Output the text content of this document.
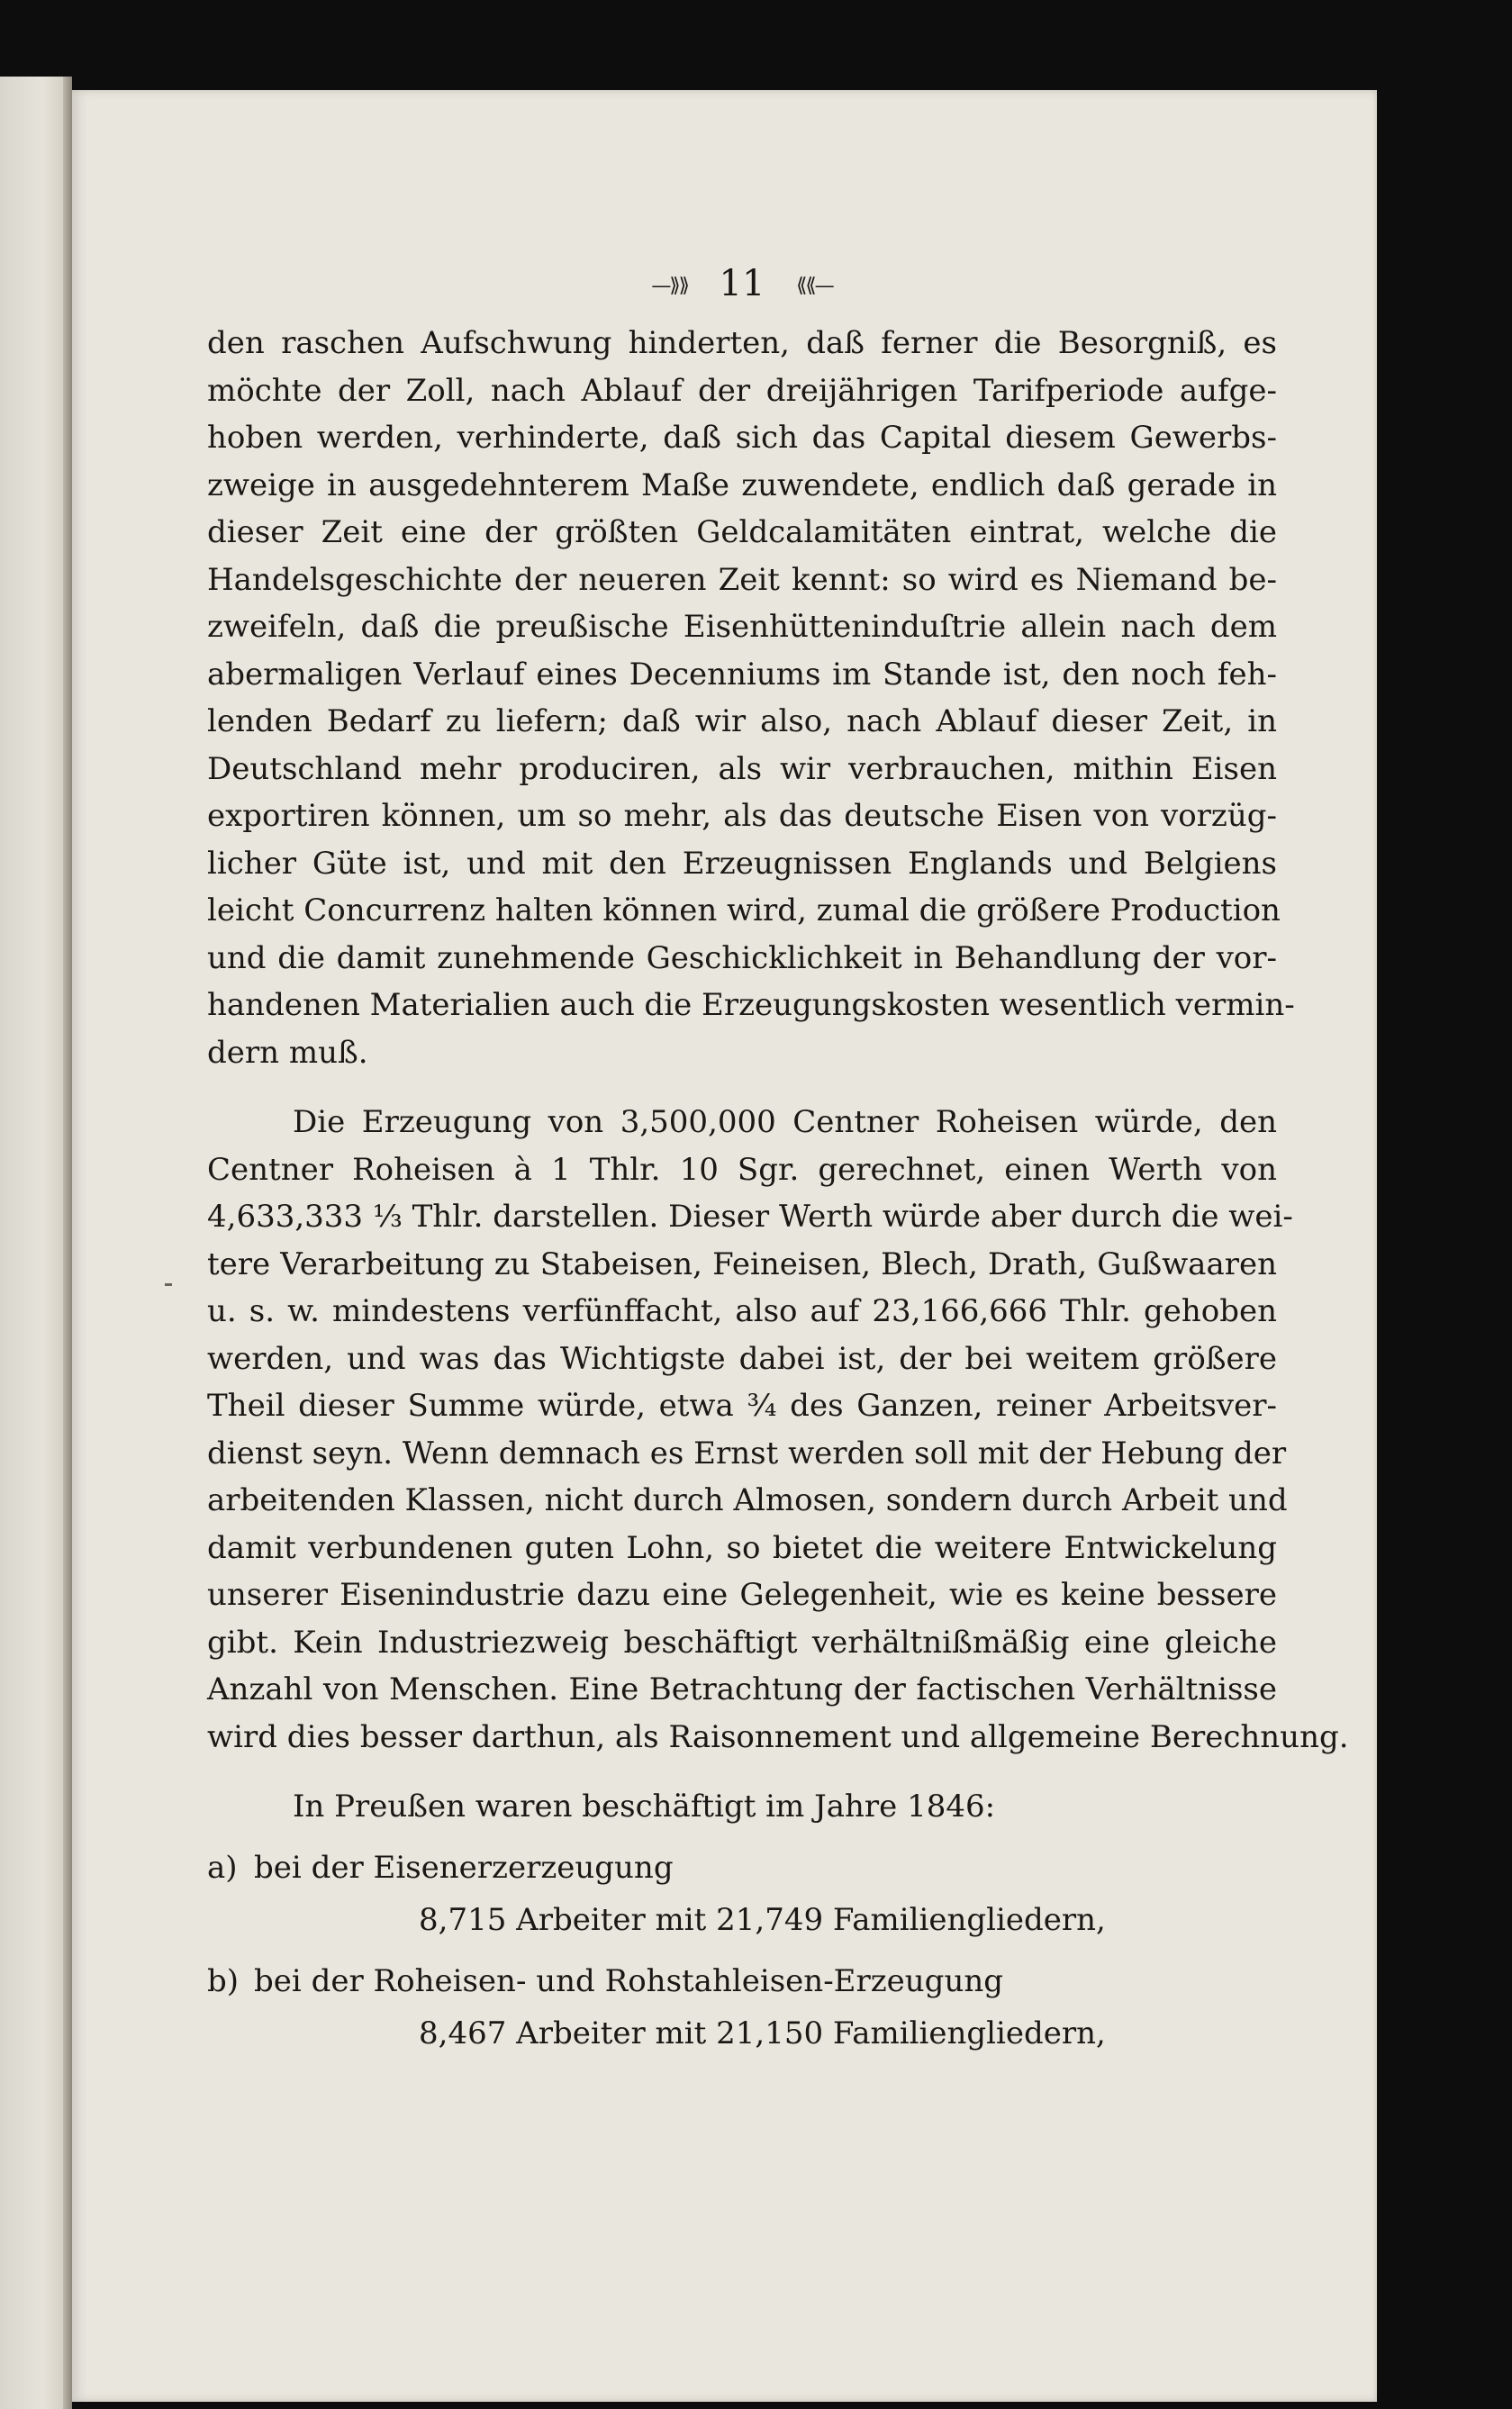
—⟫⟫ 11 ⟪⟪—
den raschen Aufschwung hinderten, daß ferner die Besorgniß, es
möchte der Zoll, nach Ablauf der dreijährigen Tarifperiode aufge-
hoben werden, verhinderte, daß sich das Capital diesem Gewerbs-
zweige in ausgedehnterem Maße zuwendete, endlich daß gerade in
dieser Zeit eine der größten Geldcalamitäten eintrat, welche die
Handelsgeschichte der neueren Zeit kennt: so wird es Niemand be-
zweifeln, daß die preußische Eisenhütteninduſtrie allein nach dem
abermaligen Verlauf eines Decenniums im Stande ist, den noch feh-
lenden Bedarf zu liefern; daß wir also, nach Ablauf dieser Zeit, in
Deutschland mehr produciren, als wir verbrauchen, mithin Eisen
exportiren können, um so mehr, als das deutsche Eisen von vorzüg-
licher Güte ist, und mit den Erzeugnissen Englands und Belgiens
leicht Concurrenz halten können wird, zumal die größere Production
und die damit zunehmende Geschicklichkeit in Behandlung der vor-
handenen Materialien auch die Erzeugungskosten wesentlich vermin-
dern muß.
Die Erzeugung von 3,500,000 Centner Roheisen würde, den
Centner Roheisen à 1 Thlr. 10 Sgr. gerechnet, einen Werth von
4,633,333 ⅓ Thlr. darstellen. Dieser Werth würde aber durch die wei-
tere Verarbeitung zu Stabeisen, Feineisen, Blech, Drath, Gußwaaren
u. s. w. mindestens verfünffacht, also auf 23,166,666 Thlr. gehoben
werden, und was das Wichtigste dabei ist, der bei weitem größere
Theil dieser Summe würde, etwa ¾ des Ganzen, reiner Arbeitsver-
dienst seyn. Wenn demnach es Ernst werden soll mit der Hebung der
arbeitenden Klassen, nicht durch Almosen, sondern durch Arbeit und
damit verbundenen guten Lohn, so bietet die weitere Entwickelung
unserer Eisenindustrie dazu eine Gelegenheit, wie es keine bessere
gibt. Kein Industriezweig beschäftigt verhältnißmäßig eine gleiche
Anzahl von Menschen. Eine Betrachtung der factischen Verhältnisse
wird dies besser darthun, als Raisonnement und allgemeine Berechnung.
In Preußen waren beschäftigt im Jahre 1846:
a) bei der Eisenerzerzeugung
8,715 Arbeiter mit 21,749 Familiengliedern,
b) bei der Roheisen- und Rohstahleisen-Erzeugung
8,467 Arbeiter mit 21,150 Familiengliedern,
